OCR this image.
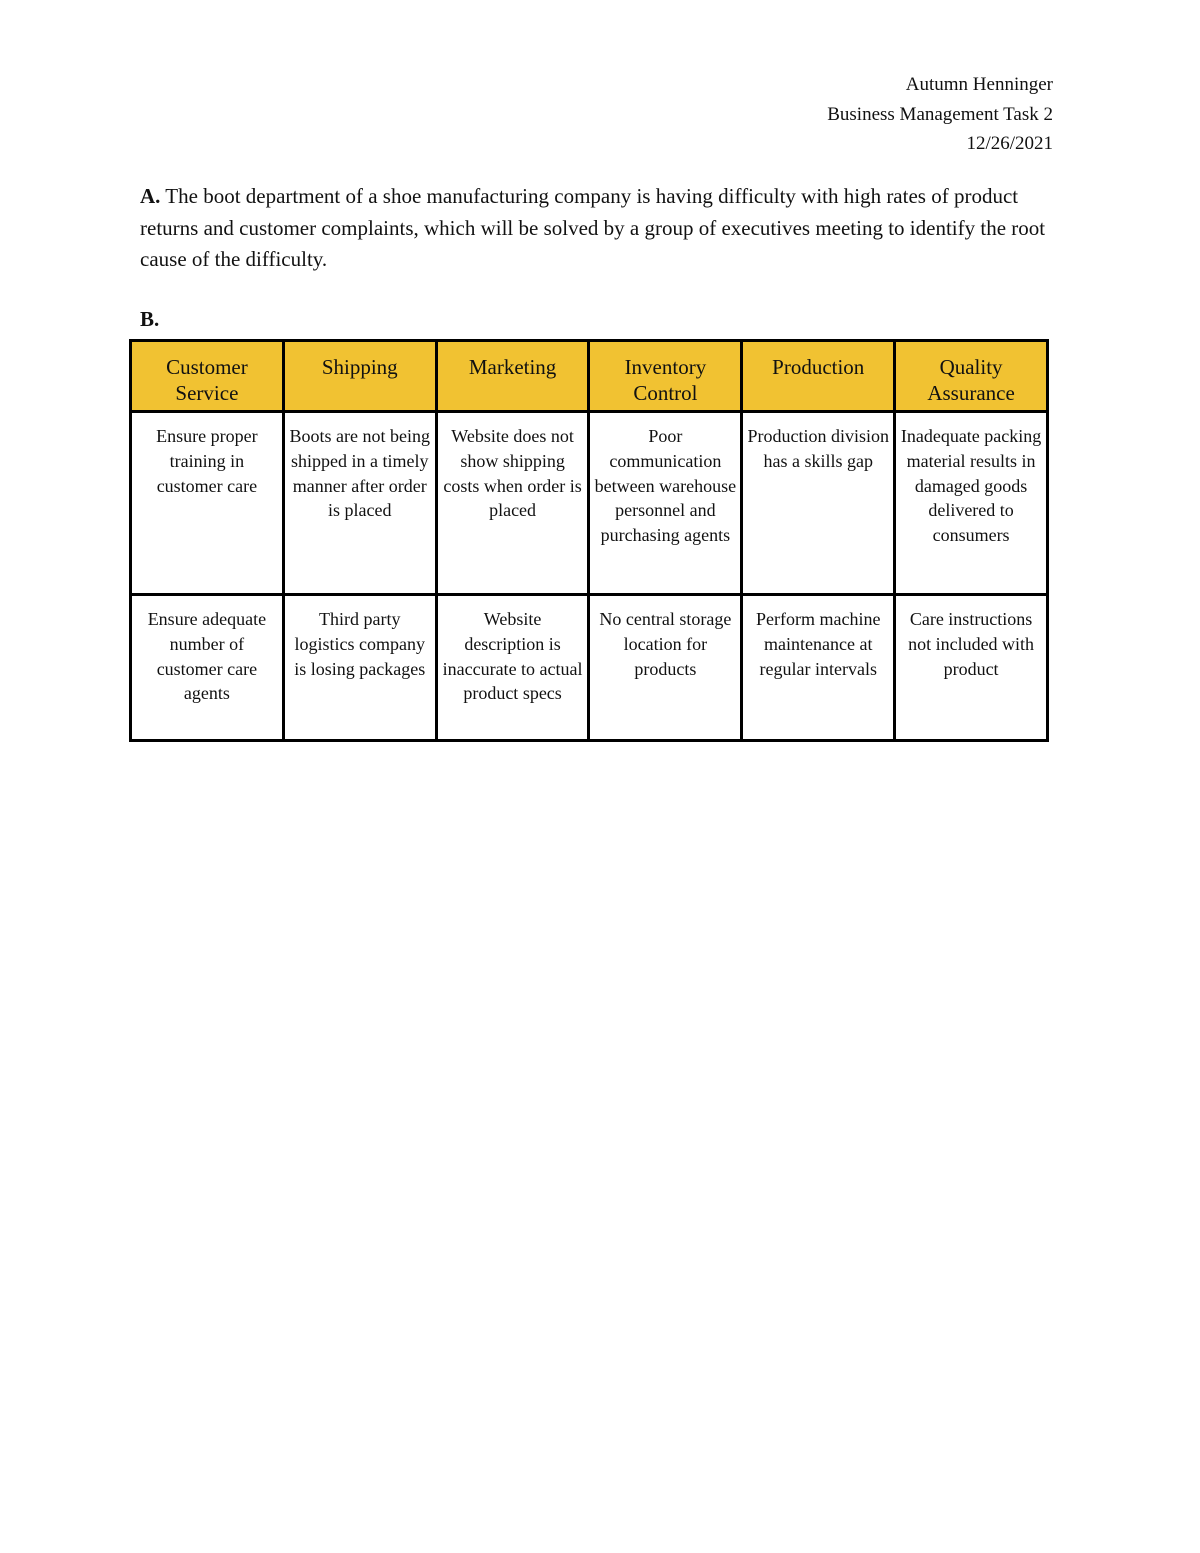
Autumn Henninger
Business Management Task 2
12/26/2021
A. The boot department of a shoe manufacturing company is having difficulty with high rates of product returns and customer complaints, which will be solved by a group of executives meeting to identify the root cause of the difficulty.
B.
Customer Service	Shipping	Marketing	Inventory Control	Production	Quality Assurance
Ensure proper training in customer care	Boots are not being shipped in a timely manner after order is placed	Website does not show shipping costs when order is placed	Poor communication between warehouse personnel and purchasing agents	Production division has a skills gap	Inadequate packing material results in damaged goods delivered to consumers
Ensure adequate number of customer care agents	Third party logistics company is losing packages	Website description is inaccurate to actual product specs	No central storage location for products	Perform machine maintenance at regular intervals	Care instructions not included with product
